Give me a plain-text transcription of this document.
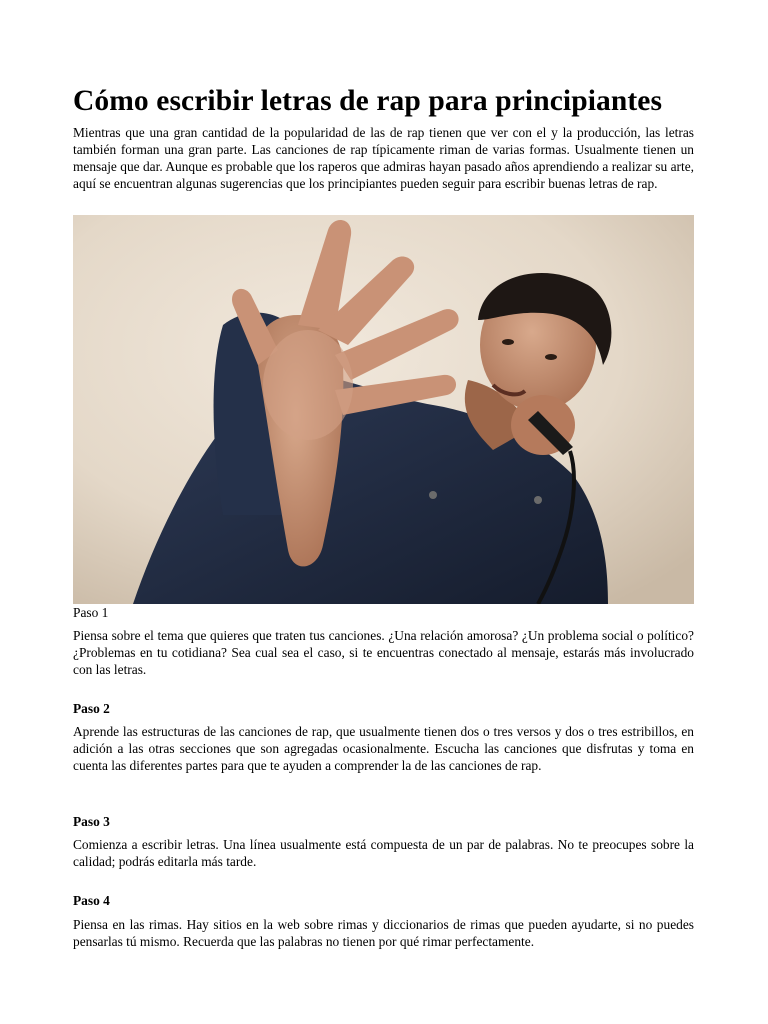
Cómo escribir letras de rap para principiantes

Mientras que una gran cantidad de la popularidad de las de rap tienen que ver con el y la producción, las letras también forman una gran parte. Las canciones de rap típicamente riman de varias formas. Usualmente tienen un mensaje que dar. Aunque es probable que los raperos que admiras hayan pasado años aprendiendo a realizar su arte, aquí se encuentran algunas sugerencias que los principiantes pueden seguir para escribir buenas letras de rap.

Paso 1

Piensa sobre el tema que quieres que traten tus canciones. ¿Una relación amorosa? ¿Un problema social o político? ¿Problemas en tu cotidiana? Sea cual sea el caso, si te encuentras conectado al mensaje, estarás más involucrado con las letras.

Paso 2

Aprende las estructuras de las canciones de rap, que usualmente tienen dos o tres versos y dos o tres estribillos, en adición a las otras secciones que son agregadas ocasionalmente. Escucha las canciones que disfrutas y toma en cuenta las diferentes partes para que te ayuden a comprender la de las canciones de rap.

Paso 3

Comienza a escribir letras. Una línea usualmente está compuesta de un par de palabras. No te preocupes sobre la calidad; podrás editarla más tarde.

Paso 4

Piensa en las rimas. Hay sitios en la web sobre rimas y diccionarios de rimas que pueden ayudarte, si no puedes pensarlas tú mismo. Recuerda que las palabras no tienen por qué rimar perfectamente.
